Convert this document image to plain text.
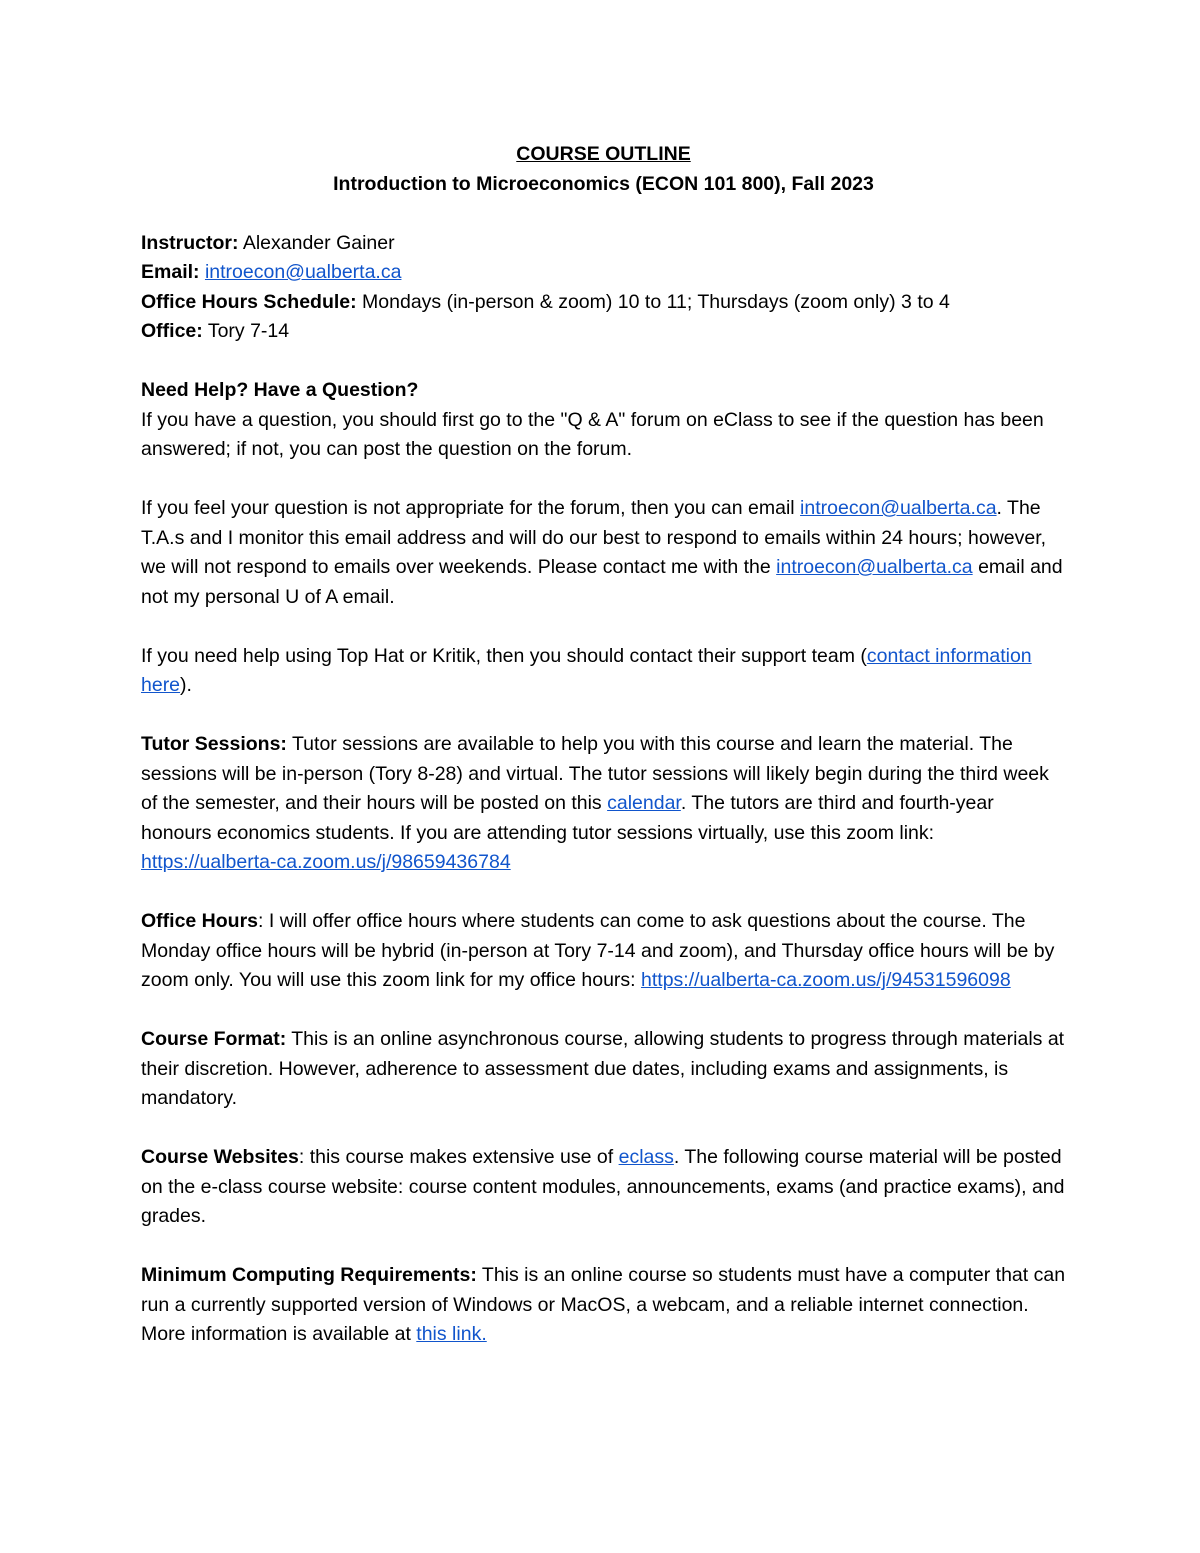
COURSE OUTLINE
Introduction to Microeconomics (ECON 101 800), Fall 2023
Instructor: Alexander Gainer
Email: introecon@ualberta.ca
Office Hours Schedule: Mondays (in-person & zoom) 10 to 11; Thursdays (zoom only) 3 to 4
Office: Tory 7-14
Need Help? Have a Question?

If you have a question, you should first go to the "Q & A" forum on eClass to see if the question has been answered; if not, you can post the question on the forum.

If you feel your question is not appropriate for the forum, then you can email introecon@ualberta.ca. The T.A.s and I monitor this email address and will do our best to respond to emails within 24 hours; however, we will not respond to emails over weekends. Please contact me with the introecon@ualberta.ca email and not my personal U of A email.

If you need help using Top Hat or Kritik, then you should contact their support team (contact information here).

Tutor Sessions: Tutor sessions are available to help you with this course and learn the material. The sessions will be in-person (Tory 8-28) and virtual. The tutor sessions will likely begin during the third week of the semester, and their hours will be posted on this calendar. The tutors are third and fourth-year honours economics students. If you are attending tutor sessions virtually, use this zoom link: https://ualberta-ca.zoom.us/j/98659436784

Office Hours: I will offer office hours where students can come to ask questions about the course. The Monday office hours will be hybrid (in-person at Tory 7-14 and zoom), and Thursday office hours will be by zoom only. You will use this zoom link for my office hours: https://ualberta-ca.zoom.us/j/94531596098

Course Format: This is an online asynchronous course, allowing students to progress through materials at their discretion. However, adherence to assessment due dates, including exams and assignments, is mandatory.

Course Websites: this course makes extensive use of eclass. The following course material will be posted on the e-class course website: course content modules, announcements, exams (and practice exams), and grades.

Minimum Computing Requirements: This is an online course so students must have a computer that can run a currently supported version of Windows or MacOS, a webcam, and a reliable internet connection. More information is available at this link.
